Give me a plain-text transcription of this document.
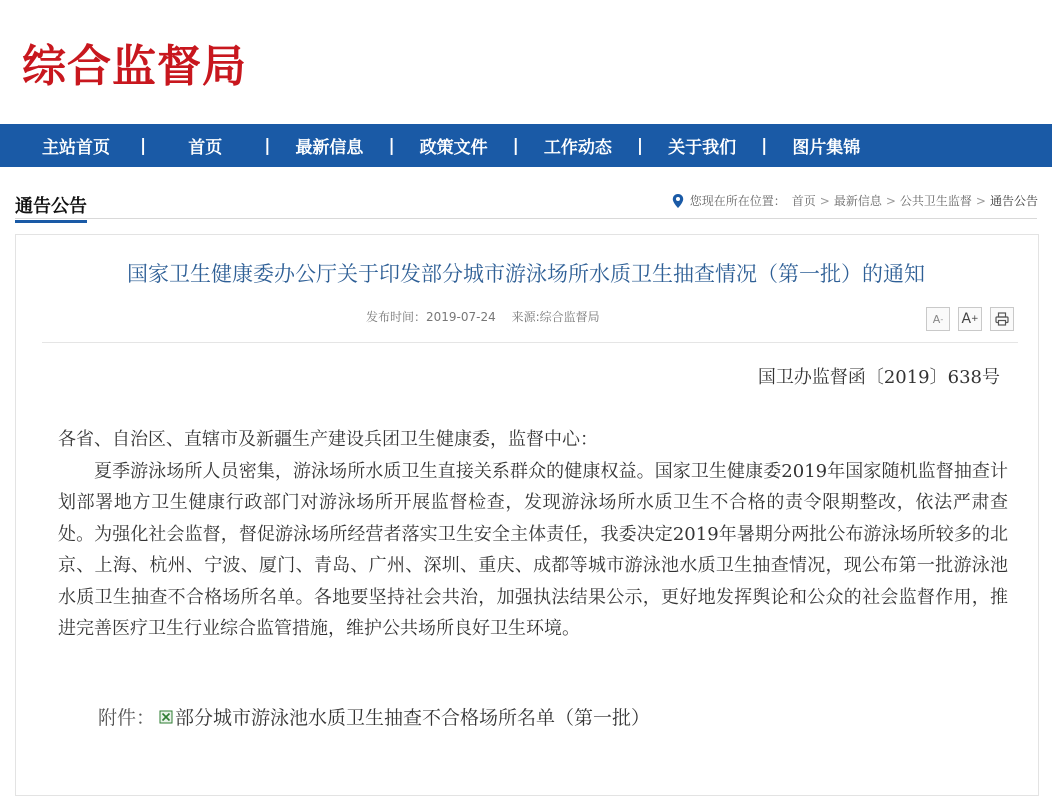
综合监督局
主站首页 | 首页 | 最新信息 | 政策文件 | 工作动态 | 关于我们 | 图片集锦
通告公告	您现在所在位置： 首页 > 最新信息 > 公共卫生监督 > 通告公告
国家卫生健康委办公厅关于印发部分城市游泳场所水质卫生抽查情况（第一批）的通知
发布时间：2019-07-24 来源:综合监督局	A - A +
国卫办监督函〔2019〕638号

各省、自治区、直辖市及新疆生产建设兵团卫生健康委，监督中心：

夏季游泳场所人员密集，游泳场所水质卫生直接关系群众的健康权益。国家卫生健康委2019年国家随机监督抽查计划部署地方卫生健康行政部门对游泳场所开展监督检查，发现游泳场所水质卫生不合格的责令限期整改，依法严肃查处。为强化社会监督，督促游泳场所经营者落实卫生安全主体责任，我委决定2019年暑期分两批公布游泳场所较多的北京、上海、杭州、宁波、厦门、青岛、广州、深圳、重庆、成都等城市游泳池水质卫生抽查情况，现公布第一批游泳池水质卫生抽查不合格场所名单。各地要坚持社会共治，加强执法结果公示，更好地发挥舆论和公众的社会监督作用，推进完善医疗卫生行业综合监管措施，维护公共场所良好卫生环境。

附件： 部分城市游泳池水质卫生抽查不合格场所名单（第一批）
